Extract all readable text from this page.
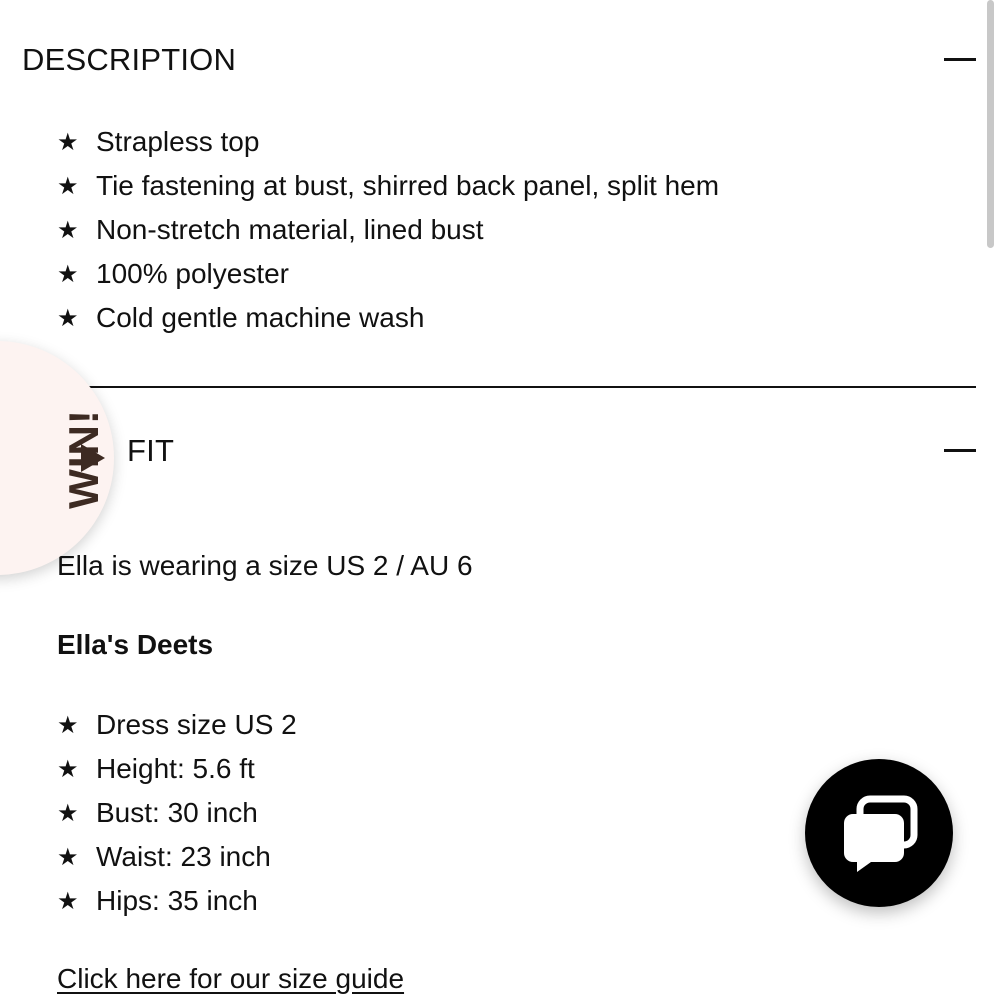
DESCRIPTION
★ Strapless top
★ Tie fastening at bust, shirred back panel, split hem
★ Non-stretch material, lined bust
★ 100% polyester
★ Cold gentle machine wash
FIT
Ella is wearing a size US 2 / AU 6
Ella's Deets
★ Dress size US 2
★ Height: 5.6 ft
★ Bust: 30 inch
★ Waist: 23 inch
★ Hips: 35 inch
Click here for our size guide
WIN!
